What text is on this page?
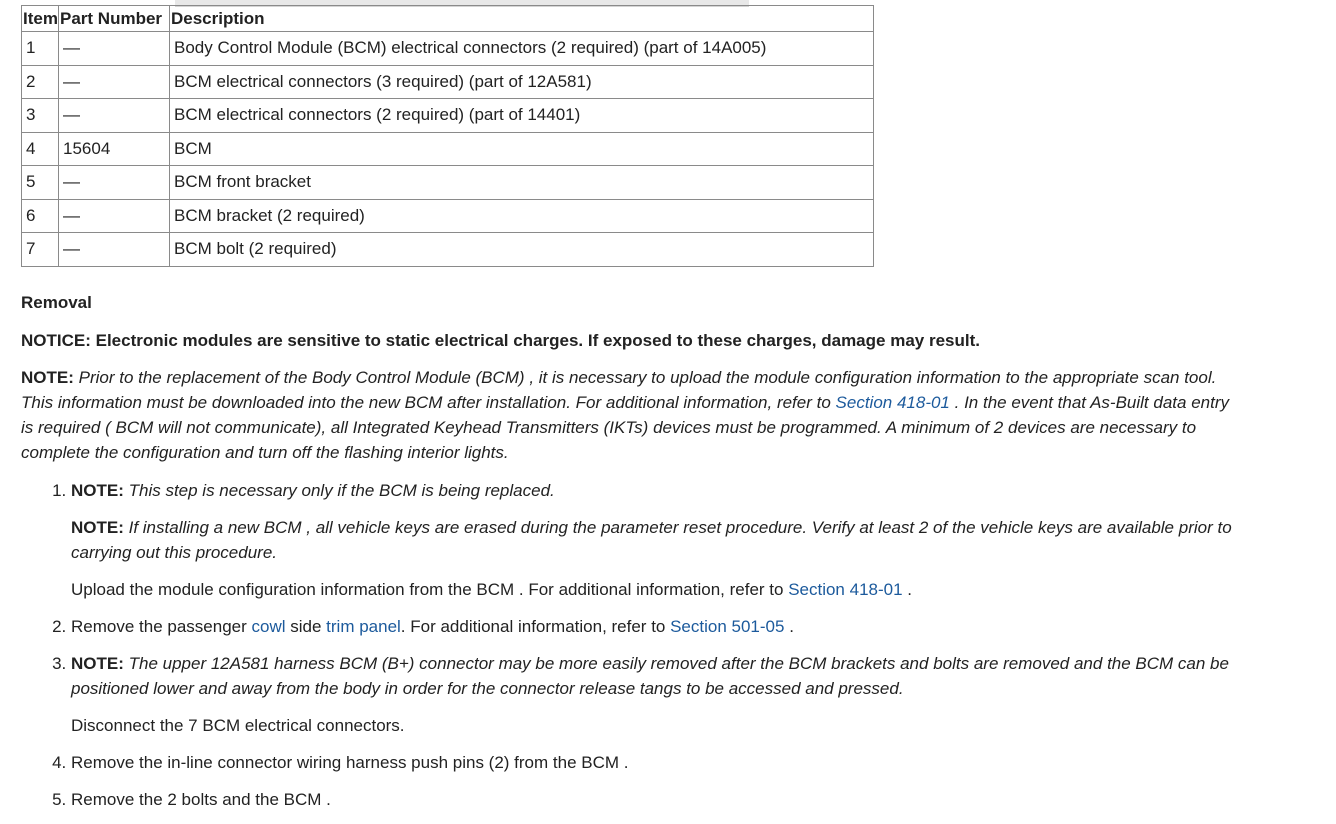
Item	Part Number	Description
1	—	Body Control Module (BCM) electrical connectors (2 required) (part of 14A005)
2	—	BCM electrical connectors (3 required) (part of 12A581)
3	—	BCM electrical connectors (2 required) (part of 14401)
4	15604	BCM
5	—	BCM front bracket
6	—	BCM bracket (2 required)
7	—	BCM bolt (2 required)

Removal

NOTICE: Electronic modules are sensitive to static electrical charges. If exposed to these charges, damage may result.

NOTE: Prior to the replacement of the Body Control Module (BCM) , it is necessary to upload the module configuration information to the appropriate scan tool. This information must be downloaded into the new BCM after installation. For additional information, refer to Section 418-01 . In the event that As-Built data entry is required ( BCM will not communicate), all Integrated Keyhead Transmitters (IKTs) devices must be programmed. A minimum of 2 devices are necessary to complete the configuration and turn off the flashing interior lights.

1. NOTE: This step is necessary only if the BCM is being replaced.

NOTE: If installing a new BCM , all vehicle keys are erased during the parameter reset procedure. Verify at least 2 of the vehicle keys are available prior to carrying out this procedure.

Upload the module configuration information from the BCM . For additional information, refer to Section 418-01 .

2. Remove the passenger cowl side trim panel. For additional information, refer to Section 501-05 .

3. NOTE: The upper 12A581 harness BCM (B+) connector may be more easily removed after the BCM brackets and bolts are removed and the BCM can be positioned lower and away from the body in order for the connector release tangs to be accessed and pressed.

Disconnect the 7 BCM electrical connectors.

4. Remove the in-line connector wiring harness push pins (2) from the BCM .

5. Remove the 2 bolts and the BCM .
